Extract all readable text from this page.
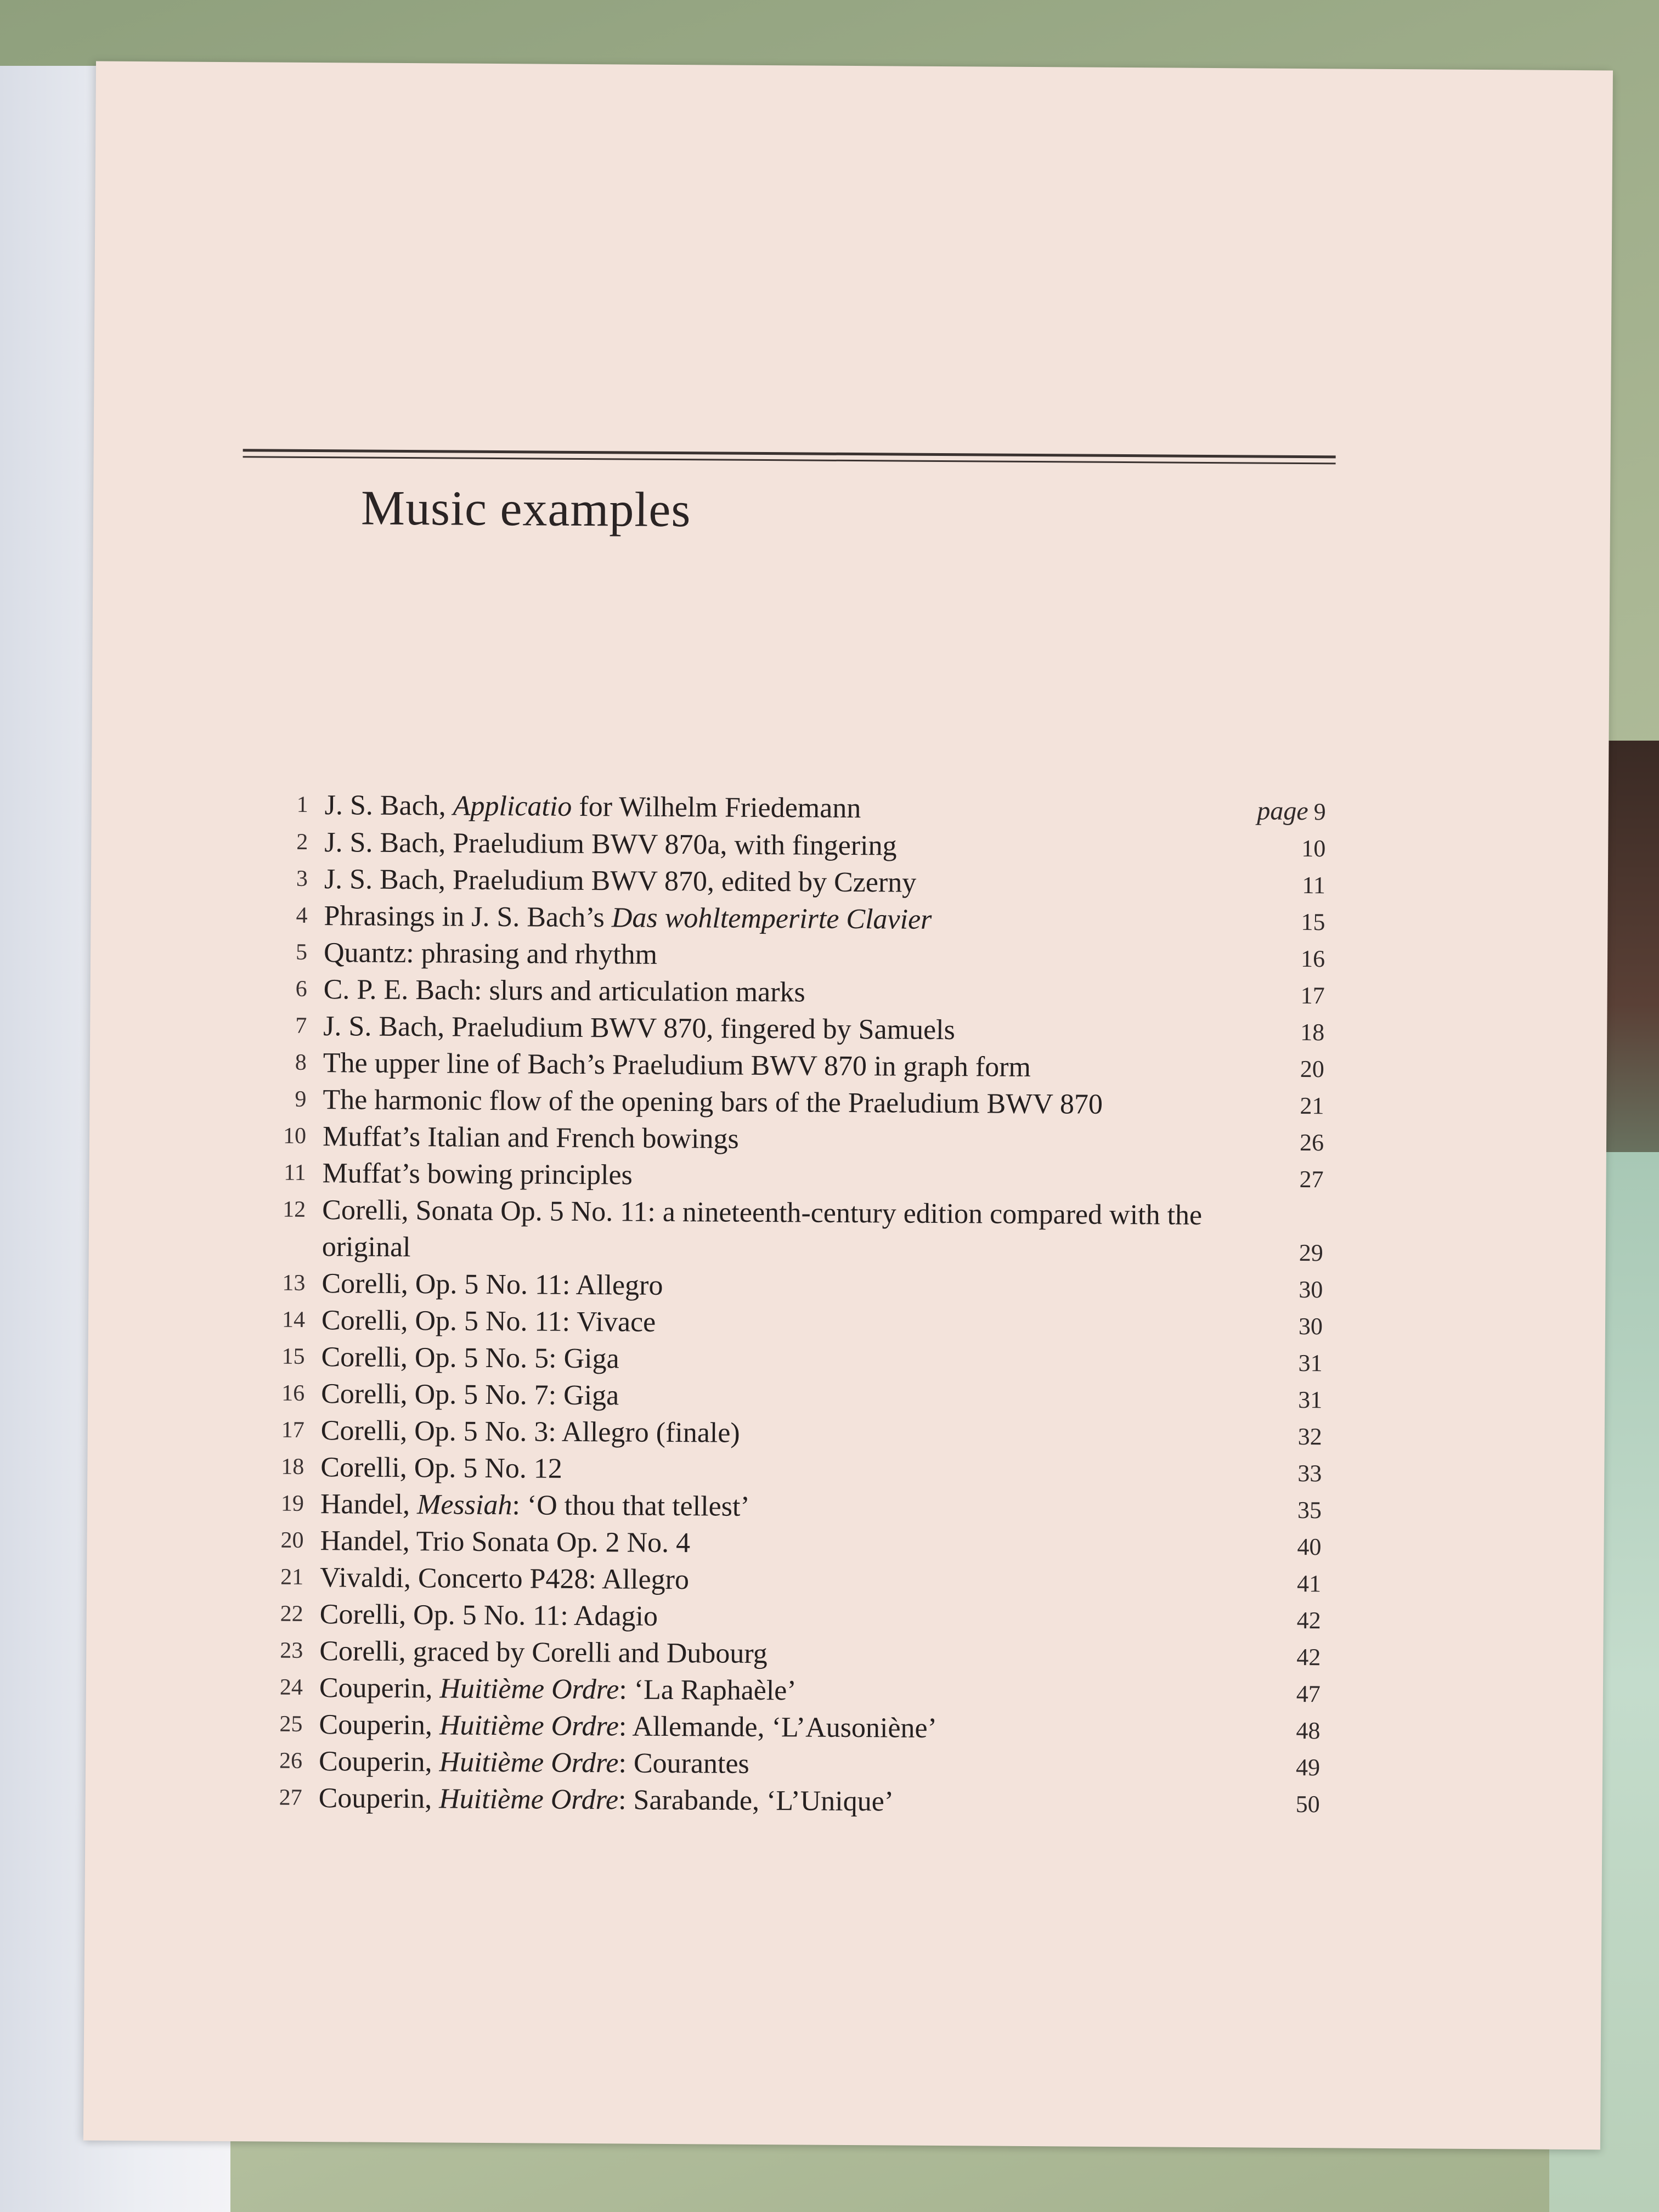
Music examples
1 J. S. Bach, Applicatio for Wilhelm Friedemann	page 9
2 J. S. Bach, Praeludium BWV 870a, with fingering	10
3 J. S. Bach, Praeludium BWV 870, edited by Czerny	11
4 Phrasings in J. S. Bach’s Das wohltemperirte Clavier	15
5 Quantz: phrasing and rhythm	16
6 C. P. E. Bach: slurs and articulation marks	17
7 J. S. Bach, Praeludium BWV 870, fingered by Samuels	18
8 The upper line of Bach’s Praeludium BWV 870 in graph form	20
9 The harmonic flow of the opening bars of the Praeludium BWV 870	21
10 Muffat’s Italian and French bowings	26
11 Muffat’s bowing principles	27
12 Corelli, Sonata Op. 5 No. 11: a nineteenth-century edition compared with the original	29
13 Corelli, Op. 5 No. 11: Allegro	30
14 Corelli, Op. 5 No. 11: Vivace	30
15 Corelli, Op. 5 No. 5: Giga	31
16 Corelli, Op. 5 No. 7: Giga	31
17 Corelli, Op. 5 No. 3: Allegro (finale)	32
18 Corelli, Op. 5 No. 12	33
19 Handel, Messiah: ‘O thou that tellest’	35
20 Handel, Trio Sonata Op. 2 No. 4	40
21 Vivaldi, Concerto P428: Allegro	41
22 Corelli, Op. 5 No. 11: Adagio	42
23 Corelli, graced by Corelli and Dubourg	42
24 Couperin, Huitième Ordre: ‘La Raphaèle’	47
25 Couperin, Huitième Ordre: Allemande, ‘L’Ausoniène’	48
26 Couperin, Huitième Ordre: Courantes	49
27 Couperin, Huitième Ordre: Sarabande, ‘L’Unique’	50
